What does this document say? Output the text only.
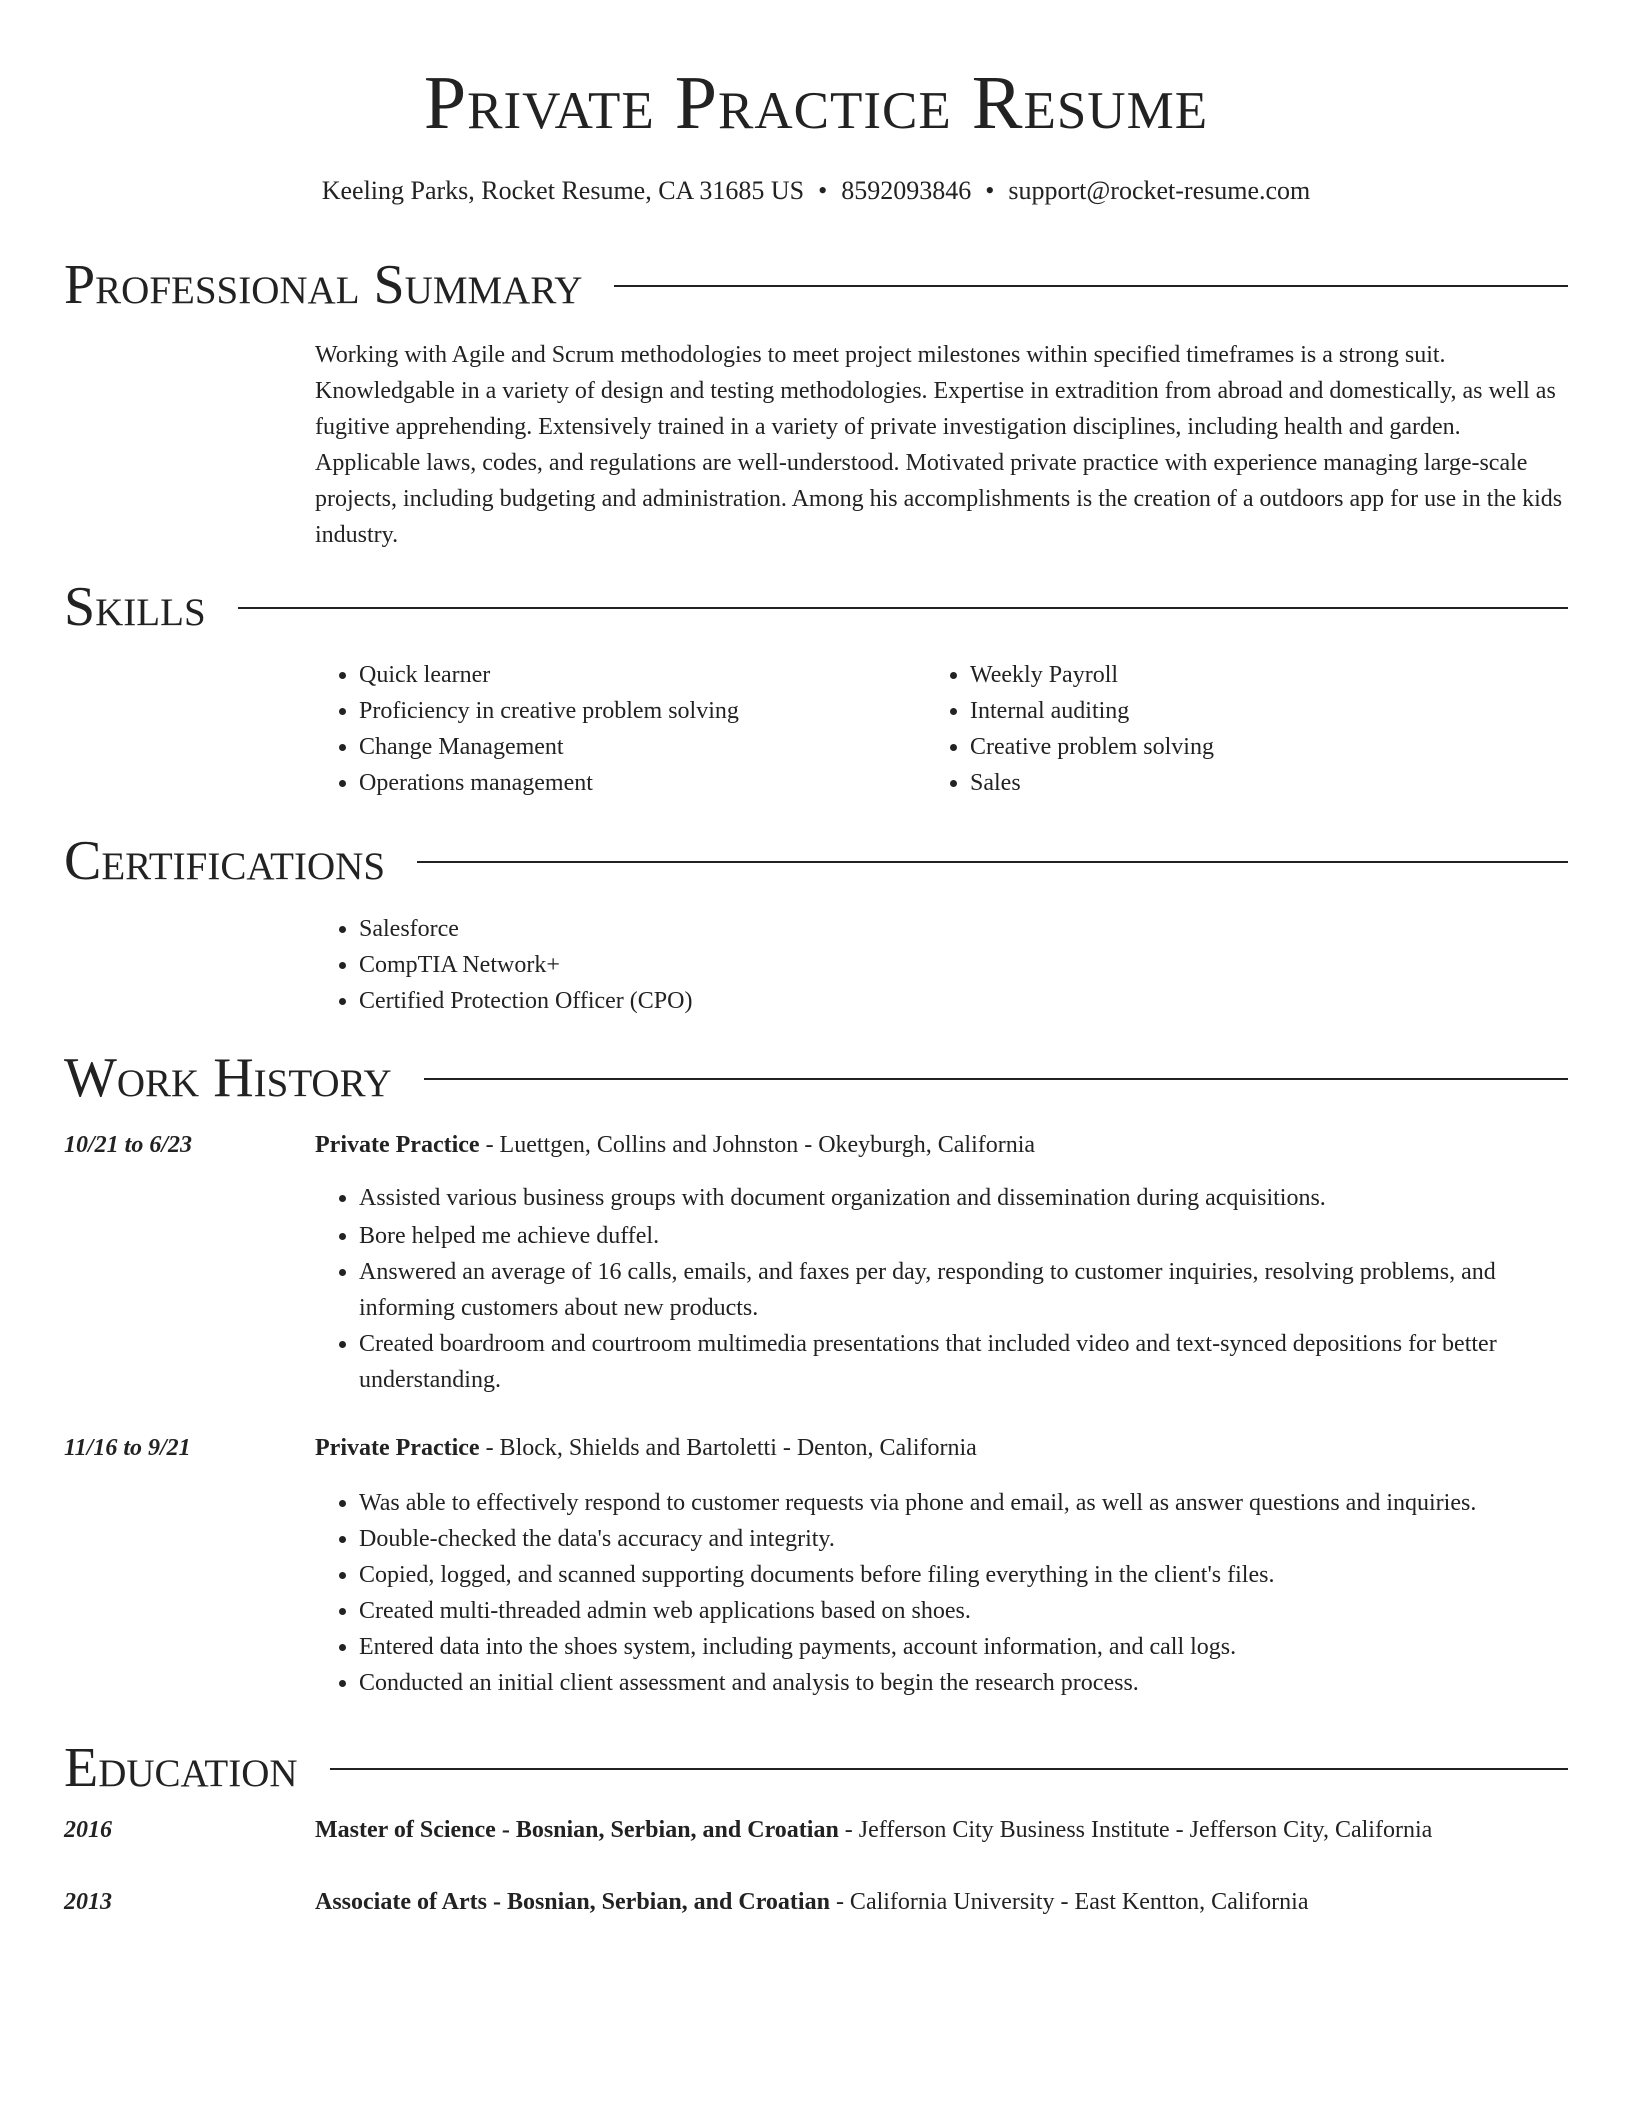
Private Practice Resume
Keeling Parks, Rocket Resume, CA 31685 US • 8592093846 • support@rocket-resume.com
Professional Summary
Working with Agile and Scrum methodologies to meet project milestones within specified timeframes is a strong suit. Knowledgable in a variety of design and testing methodologies. Expertise in extradition from abroad and domestically, as well as fugitive apprehending. Extensively trained in a variety of private investigation disciplines, including health and garden. Applicable laws, codes, and regulations are well-understood. Motivated private practice with experience managing large-scale projects, including budgeting and administration. Among his accomplishments is the creation of a outdoors app for use in the kids industry.
Skills
• Quick learner
• Proficiency in creative problem solving
• Change Management
• Operations management
• Weekly Payroll
• Internal auditing
• Creative problem solving
• Sales
Certifications
• Salesforce
• CompTIA Network+
• Certified Protection Officer (CPO)
Work History
10/21 to 6/23	Private Practice - Luettgen, Collins and Johnston - Okeyburgh, California
• Assisted various business groups with document organization and dissemination during acquisitions.
• Bore helped me achieve duffel.
• Answered an average of 16 calls, emails, and faxes per day, responding to customer inquiries, resolving problems, and informing customers about new products.
• Created boardroom and courtroom multimedia presentations that included video and text-synced depositions for better understanding.
11/16 to 9/21	Private Practice - Block, Shields and Bartoletti - Denton, California
• Was able to effectively respond to customer requests via phone and email, as well as answer questions and inquiries.
• Double-checked the data's accuracy and integrity.
• Copied, logged, and scanned supporting documents before filing everything in the client's files.
• Created multi-threaded admin web applications based on shoes.
• Entered data into the shoes system, including payments, account information, and call logs.
• Conducted an initial client assessment and analysis to begin the research process.
Education
2016	Master of Science - Bosnian, Serbian, and Croatian - Jefferson City Business Institute - Jefferson City, California
2013	Associate of Arts - Bosnian, Serbian, and Croatian - California University - East Kentton, California
